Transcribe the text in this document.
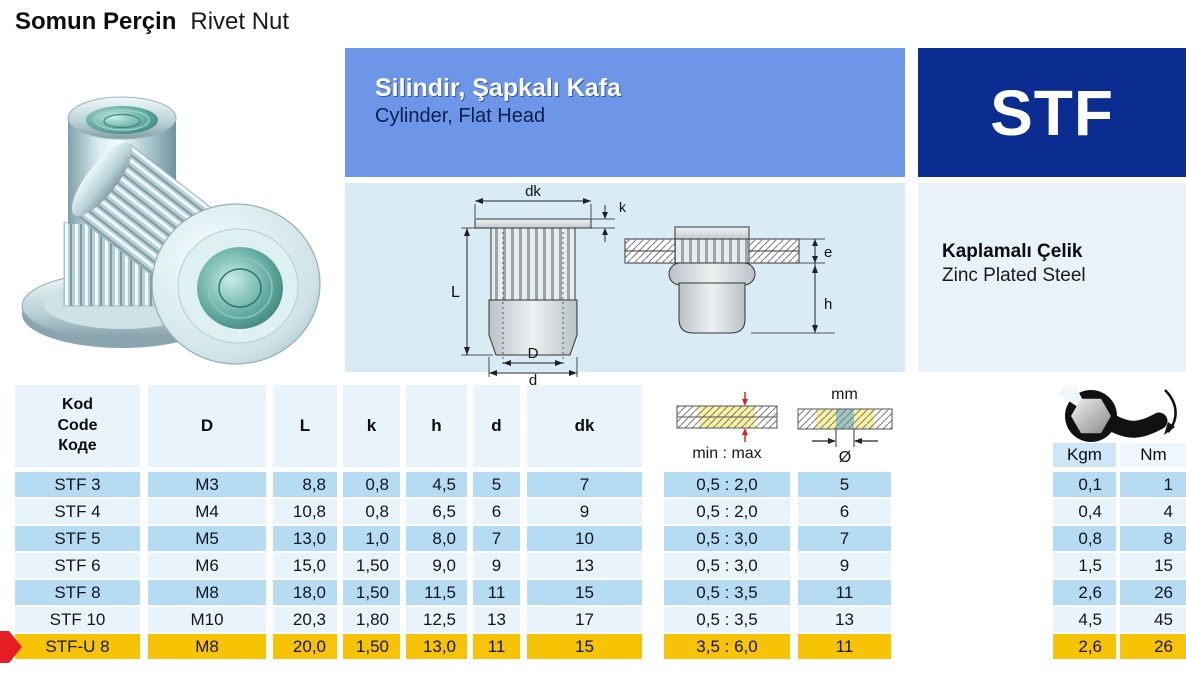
Somun Perçin Rivet Nut
Silindir, Şapkalı Kafa
Cylinder, Flat Head	STF
dk
k
L
D
d
e
h
Kaplamalı Çelik
Zinc Plated Steel
Kod
Code
Коде
D	L	k	h	d	dk
min : max
mm
Ø	Kgm	Nm
STF 3	M3	8,8	0,8	4,5	5	7	0,5 : 2,0	5	0,1	1
STF 4	M4	10,8	0,8	6,5	6	9	0,5 : 2,0	6	0,4	4
STF 5	M5	13,0	1,0	8,0	7	10	0,5 : 3,0	7	0,8	8
STF 6	M6	15,0	1,50	9,0	9	13	0,5 : 3,0	9	1,5	15
STF 8	M8	18,0	1,50	11,5	11	15	0,5 : 3,5	11	2,6	26
STF 10	M10	20,3	1,80	12,5	13	17	0,5 : 3,5	13	4,5	45
STF-U 8	M8	20,0	1,50	13,0	11	15	3,5 : 6,0	11	2,6	26
